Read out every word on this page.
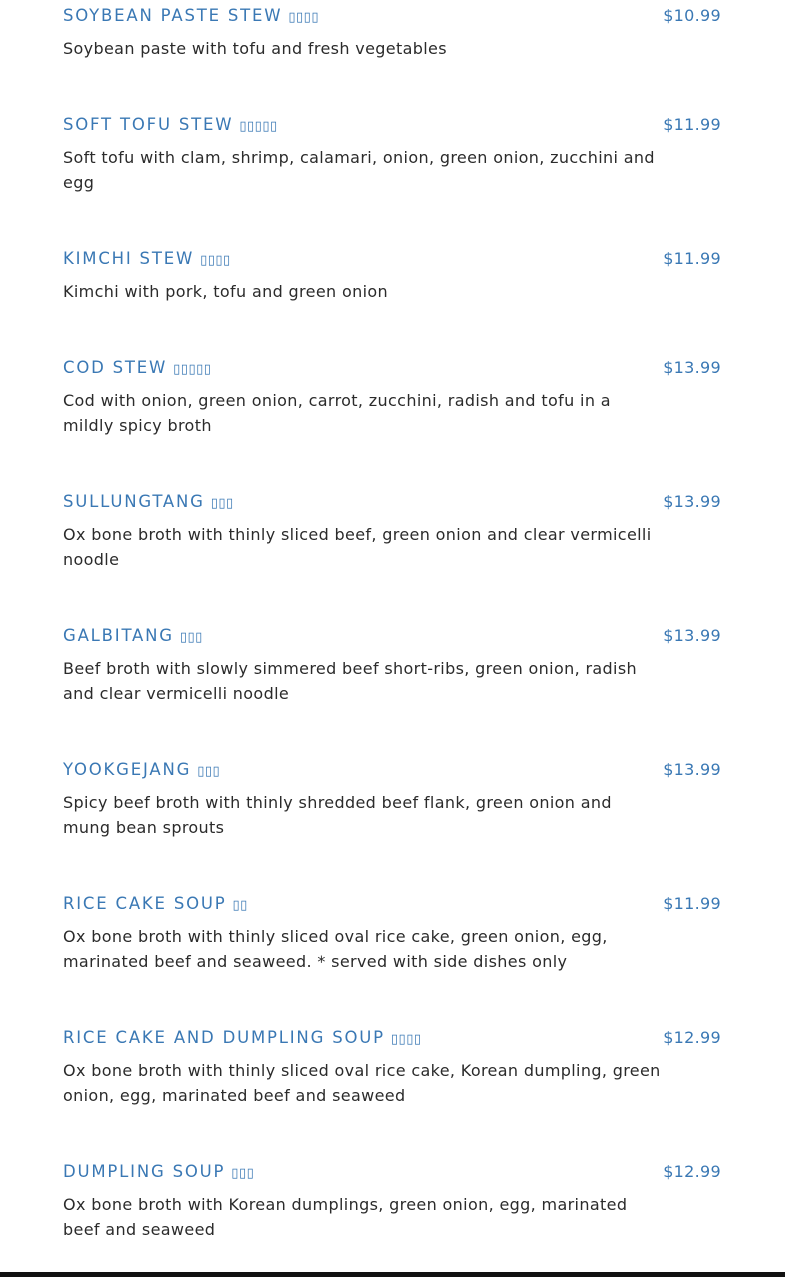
SOYBEAN PASTE STEW ▯▯▯▯	$10.99
Soybean paste with tofu and fresh vegetables
SOFT TOFU STEW ▯▯▯▯▯	$11.99
Soft tofu with clam, shrimp, calamari, onion, green onion, zucchini and egg
KIMCHI STEW ▯▯▯▯	$11.99
Kimchi with pork, tofu and green onion
COD STEW ▯▯▯▯▯	$13.99
Cod with onion, green onion, carrot, zucchini, radish and tofu in a mildly spicy broth
SULLUNGTANG ▯▯▯	$13.99
Ox bone broth with thinly sliced beef, green onion and clear vermicelli noodle
GALBITANG ▯▯▯	$13.99
Beef broth with slowly simmered beef short-ribs, green onion, radish and clear vermicelli noodle
YOOKGEJANG ▯▯▯	$13.99
Spicy beef broth with thinly shredded beef flank, green onion and mung bean sprouts
RICE CAKE SOUP ▯▯	$11.99
Ox bone broth with thinly sliced oval rice cake, green onion, egg, marinated beef and seaweed. * served with side dishes only
RICE CAKE AND DUMPLING SOUP ▯▯▯▯	$12.99
Ox bone broth with thinly sliced oval rice cake, Korean dumpling, green onion, egg, marinated beef and seaweed
DUMPLING SOUP ▯▯▯	$12.99
Ox bone broth with Korean dumplings, green onion, egg, marinated beef and seaweed
